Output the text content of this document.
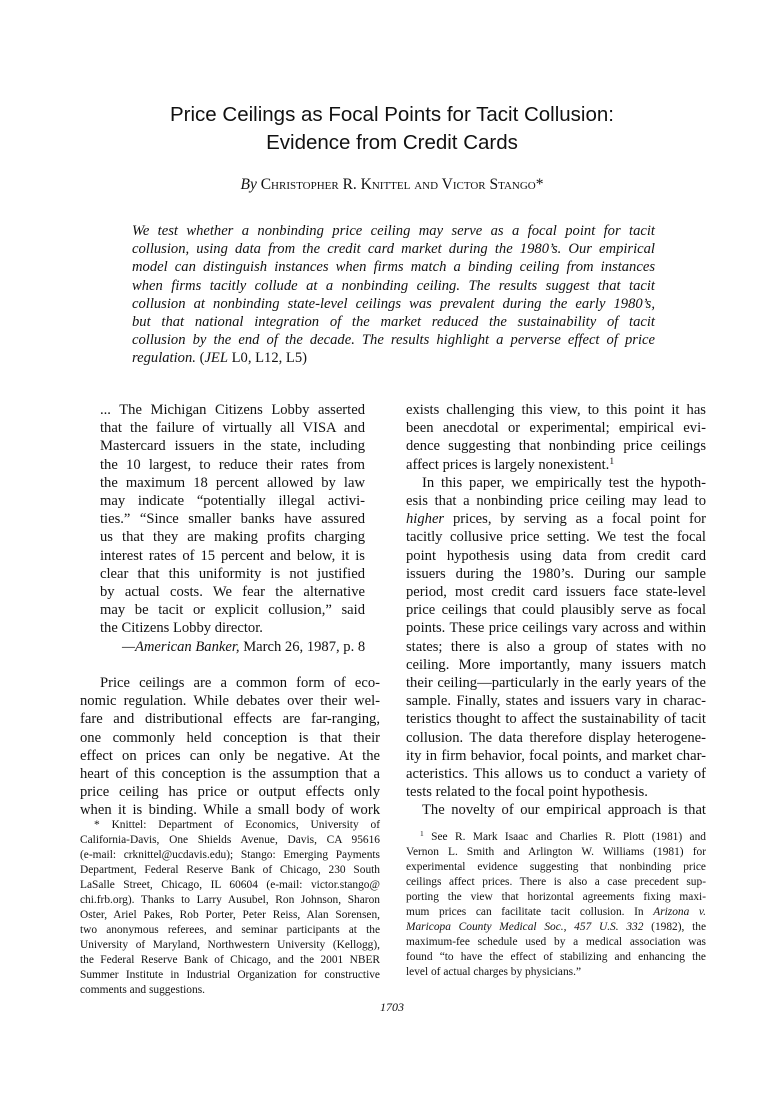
Price Ceilings as Focal Points for Tacit Collusion:
Evidence from Credit Cards
By Christopher R. Knittel and Victor Stango*
We test whether a nonbinding price ceiling may serve as a focal point for tacit
collusion, using data from the credit card market during the 1980’s. Our empirical
model can distinguish instances when firms match a binding ceiling from instances
when firms tacitly collude at a nonbinding ceiling. The results suggest that tacit
collusion at nonbinding state-level ceilings was prevalent during the early 1980’s,
but that national integration of the market reduced the sustainability of tacit
collusion by the end of the decade. The results highlight a perverse effect of price
regulation. (JEL L0, L12, L5)
... The Michigan Citizens Lobby asserted
that the failure of virtually all VISA and
Mastercard issuers in the state, including
the 10 largest, to reduce their rates from
the maximum 18 percent allowed by law
may indicate “potentially illegal activi-
ties.” “Since smaller banks have assured
us that they are making profits charging
interest rates of 15 percent and below, it is
clear that this uniformity is not justified
by actual costs. We fear the alternative
may be tacit or explicit collusion,” said
the Citizens Lobby director.
—American Banker, March 26, 1987, p. 8
Price ceilings are a common form of eco-
nomic regulation. While debates over their wel-
fare and distributional effects are far-ranging,
one commonly held conception is that their
effect on prices can only be negative. At the
heart of this conception is the assumption that a
price ceiling has price or output effects only
when it is binding. While a small body of work
exists challenging this view, to this point it has
been anecdotal or experimental; empirical evi-
dence suggesting that nonbinding price ceilings
affect prices is largely nonexistent.$^1$
In this paper, we empirically test the hypoth-
esis that a nonbinding price ceiling may lead to
higher prices, by serving as a focal point for
tacitly collusive price setting. We test the focal
point hypothesis using data from credit card
issuers during the 1980’s. During our sample
period, most credit card issuers face state-level
price ceilings that could plausibly serve as focal
points. These price ceilings vary across and within
states; there is also a group of states with no
ceiling. More importantly, many issuers match
their ceiling—particularly in the early years of the
sample. Finally, states and issuers vary in charac-
teristics thought to affect the sustainability of tacit
collusion. The data therefore display heterogene-
ity in firm behavior, focal points, and market char-
acteristics. This allows us to conduct a variety of
tests related to the focal point hypothesis.
The novelty of our empirical approach is that
* Knittel: Department of Economics, University of
California-Davis, One Shields Avenue, Davis, CA 95616
(e-mail: crknittel@ucdavis.edu); Stango: Emerging Payments
Department, Federal Reserve Bank of Chicago, 230 South
LaSalle Street, Chicago, IL 60604 (e-mail: victor.stango@
chi.frb.org). Thanks to Larry Ausubel, Ron Johnson, Sharon
Oster, Ariel Pakes, Rob Porter, Peter Reiss, Alan Sorensen,
two anonymous referees, and seminar participants at the
University of Maryland, Northwestern University (Kellogg),
the Federal Reserve Bank of Chicago, and the 2001 NBER
Summer Institute in Industrial Organization for constructive
comments and suggestions.
$^1$ See R. Mark Isaac and Charlies R. Plott (1981) and
Vernon L. Smith and Arlington W. Williams (1981) for
experimental evidence suggesting that nonbinding price
ceilings affect prices. There is also a case precedent sup-
porting the view that horizontal agreements fixing maxi-
mum prices can facilitate tacit collusion. In Arizona v.
Maricopa County Medical Soc., 457 U.S. 332 (1982), the
maximum-fee schedule used by a medical association was
found “to have the effect of stabilizing and enhancing the
level of actual charges by physicians.”
1703
